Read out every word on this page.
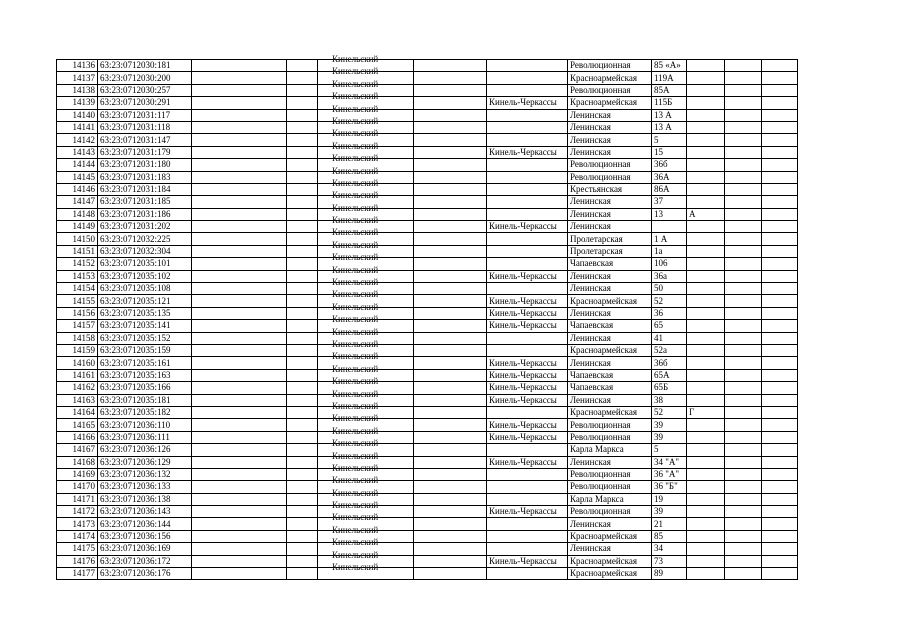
14136	63:23:0712030:181			Кинельский			Революционная	85 «А»			
14137	63:23:0712030:200			Кинельский			Красноармейская	119А			
14138	63:23:0712030:257			Кинельский			Революционная	85А			
14139	63:23:0712030:291			Кинельский		Кинель-Черкассы	Красноармейская	115Б			
14140	63:23:0712031:117			Кинельский			Ленинская	13 А			
14141	63:23:0712031:118			Кинельский			Ленинская	13 А			
14142	63:23:0712031:147			Кинельский			Ленинская	5			
14143	63:23:0712031:179			Кинельский		Кинель-Черкассы	Ленинская	15			
14144	63:23:0712031:180			Кинельский			Революционная	36б			
14145	63:23:0712031:183			Кинельский			Революционная	36А			
14146	63:23:0712031:184			Кинельский			Крестьянская	86А			
14147	63:23:0712031:185			Кинельский			Ленинская	37			
14148	63:23:0712031:186			Кинельский			Ленинская	13	А		
14149	63:23:0712031:202			Кинельский		Кинель-Черкассы	Ленинская				
14150	63:23:0712032:225			Кинельский			Пролетарская	1 А			
14151	63:23:0712032:304			Кинельский			Пролетарская	1а			
14152	63:23:0712035:101			Кинельский			Чапаевская	106			
14153	63:23:0712035:102			Кинельский		Кинель-Черкассы	Ленинская	36а			
14154	63:23:0712035:108			Кинельский			Ленинская	50			
14155	63:23:0712035:121			Кинельский		Кинель-Черкассы	Красноармейская	52			
14156	63:23:0712035:135			Кинельский		Кинель-Черкассы	Ленинская	36			
14157	63:23:0712035:141			Кинельский		Кинель-Черкассы	Чапаевская	65			
14158	63:23:0712035:152			Кинельский			Ленинская	41			
14159	63:23:0712035:159			Кинельский			Красноармейская	52а			
14160	63:23:0712035:161			Кинельский		Кинель-Черкассы	Ленинская	36б			
14161	63:23:0712035:163			Кинельский		Кинель-Черкассы	Чапаевская	65А			
14162	63:23:0712035:166			Кинельский		Кинель-Черкассы	Чапаевская	65Б			
14163	63:23:0712035:181			Кинельский		Кинель-Черкассы	Ленинская	38			
14164	63:23:0712035:182			Кинельский			Красноармейская	52	Г		
14165	63:23:0712036:110			Кинельский		Кинель-Черкассы	Революционная	39			
14166	63:23:0712036:111			Кинельский		Кинель-Черкассы	Революционная	39			
14167	63:23:0712036:126			Кинельский			Карла Маркса	5			
14168	63:23:0712036:129			Кинельский		Кинель-Черкассы	Ленинская	34 "А"			
14169	63:23:0712036:132			Кинельский			Революционная	36 "А"			
14170	63:23:0712036:133			Кинельский			Революционная	36 "Б"			
14171	63:23:0712036:138			Кинельский			Карла Маркса	19			
14172	63:23:0712036:143			Кинельский		Кинель-Черкассы	Революционная	39			
14173	63:23:0712036:144			Кинельский			Ленинская	21			
14174	63:23:0712036:156			Кинельский			Красноармейская	85			
14175	63:23:0712036:169			Кинельский			Ленинская	34			
14176	63:23:0712036:172			Кинельский		Кинель-Черкассы	Красноармейская	73			
14177	63:23:0712036:176			Кинельский			Красноармейская	89			
